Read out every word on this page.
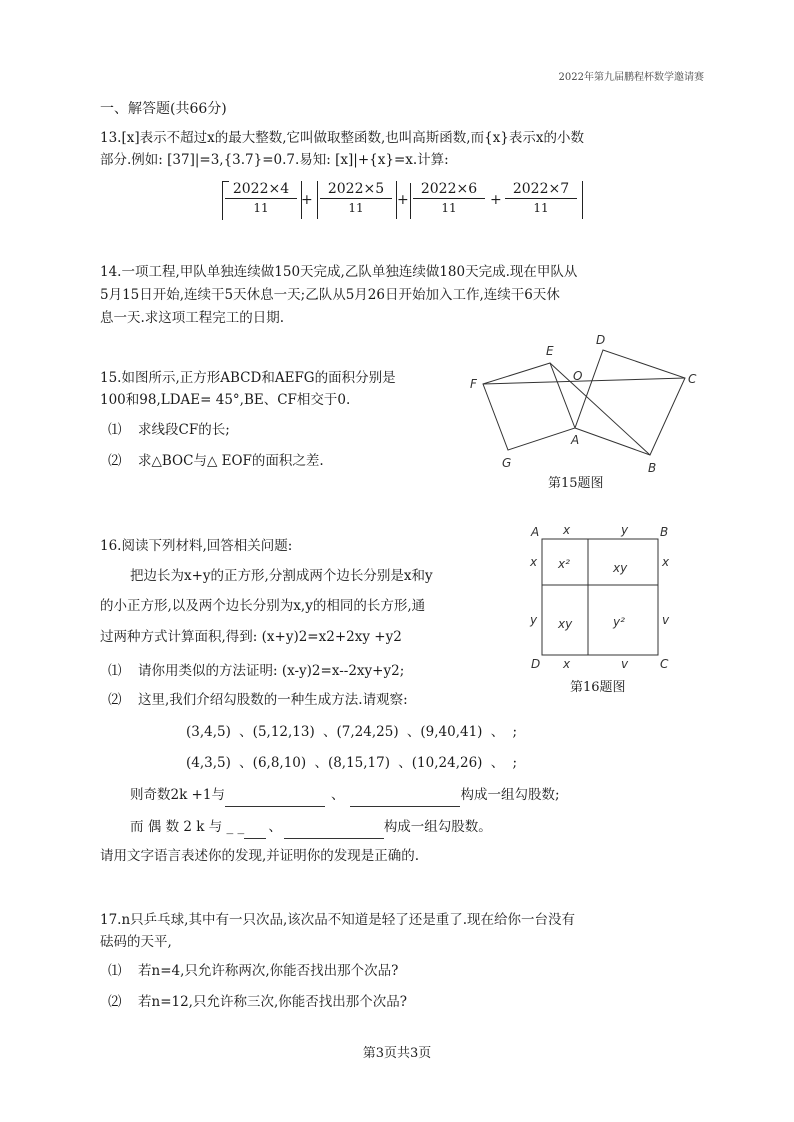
2022年第九届鹏程杯数学邀请赛
一、解答题(共66分)
13.[x]表示不超过x的最大整数,它叫做取整函数,也叫高斯函数,而{x}表示x的小数
部分.例如: [37]|=3,{3.7}=0.7.易知: [x]|+{x}=x.计算:
$\frac{2022\times 4}{11} + \frac{2022\times 5}{11} + \frac{2022\times 6}{11} + \frac{2022\times 7}{11}$
14.一项工程,甲队单独连续做150天完成,乙队单独连续做180天完成.现在甲队从
5月15日开始,连续干5天休息一天;乙队从5月26日开始加入工作,连续干6天休
息一天.求这项工程完工的日期.
15.如图所示,正方形ABCD和AEFG的面积分别是
100和98,LDAE= 45°,BE、CF相交于0.
⑴ 求线段CF的长;
⑵ 求△BOC与△ EOF的面积之差.
E
D
O
F	C
A
G	B
第15题图
16.阅读下列材料,回答相关问题:
把边长为x+y的正方形,分割成两个边长分别是x和y
的小正方形,以及两个边长分别为x,y的相同的长方形,通
过两种方式计算面积,得到: (x+y)2=x2+2xy +y2
⑴ 请你用类似的方法证明: (x-y)2=x--2xy+y2;
⑵ 这里,我们介绍勾股数的一种生成方法.请观察:
(3,4,5) 、(5,12,13) 、(7,24,25) 、(9,40,41) 、 ;
(4,3,5) 、(6,8,10) 、(8,15,17) 、(10,24,26) 、 ;
则奇数2k +1与	、	构成一组勾股数;
而 偶 数 2 k 与 _ _ 、	构成一组勾股数。
请用文字语言表述你的发现,并证明你的发现是正确的.
A	B
C
D
x	y
x	v
x
y
x
v
x²	xy
xy	y²
第16题图
17.n只乒乓球,其中有一只次品,该次品不知道是轻了还是重了.现在给你一台没有
砝码的天平,
⑴ 若n=4,只允许称两次,你能否找出那个次品?
⑵ 若n=12,只允许称三次,你能否找出那个次品?
第3页共3页
